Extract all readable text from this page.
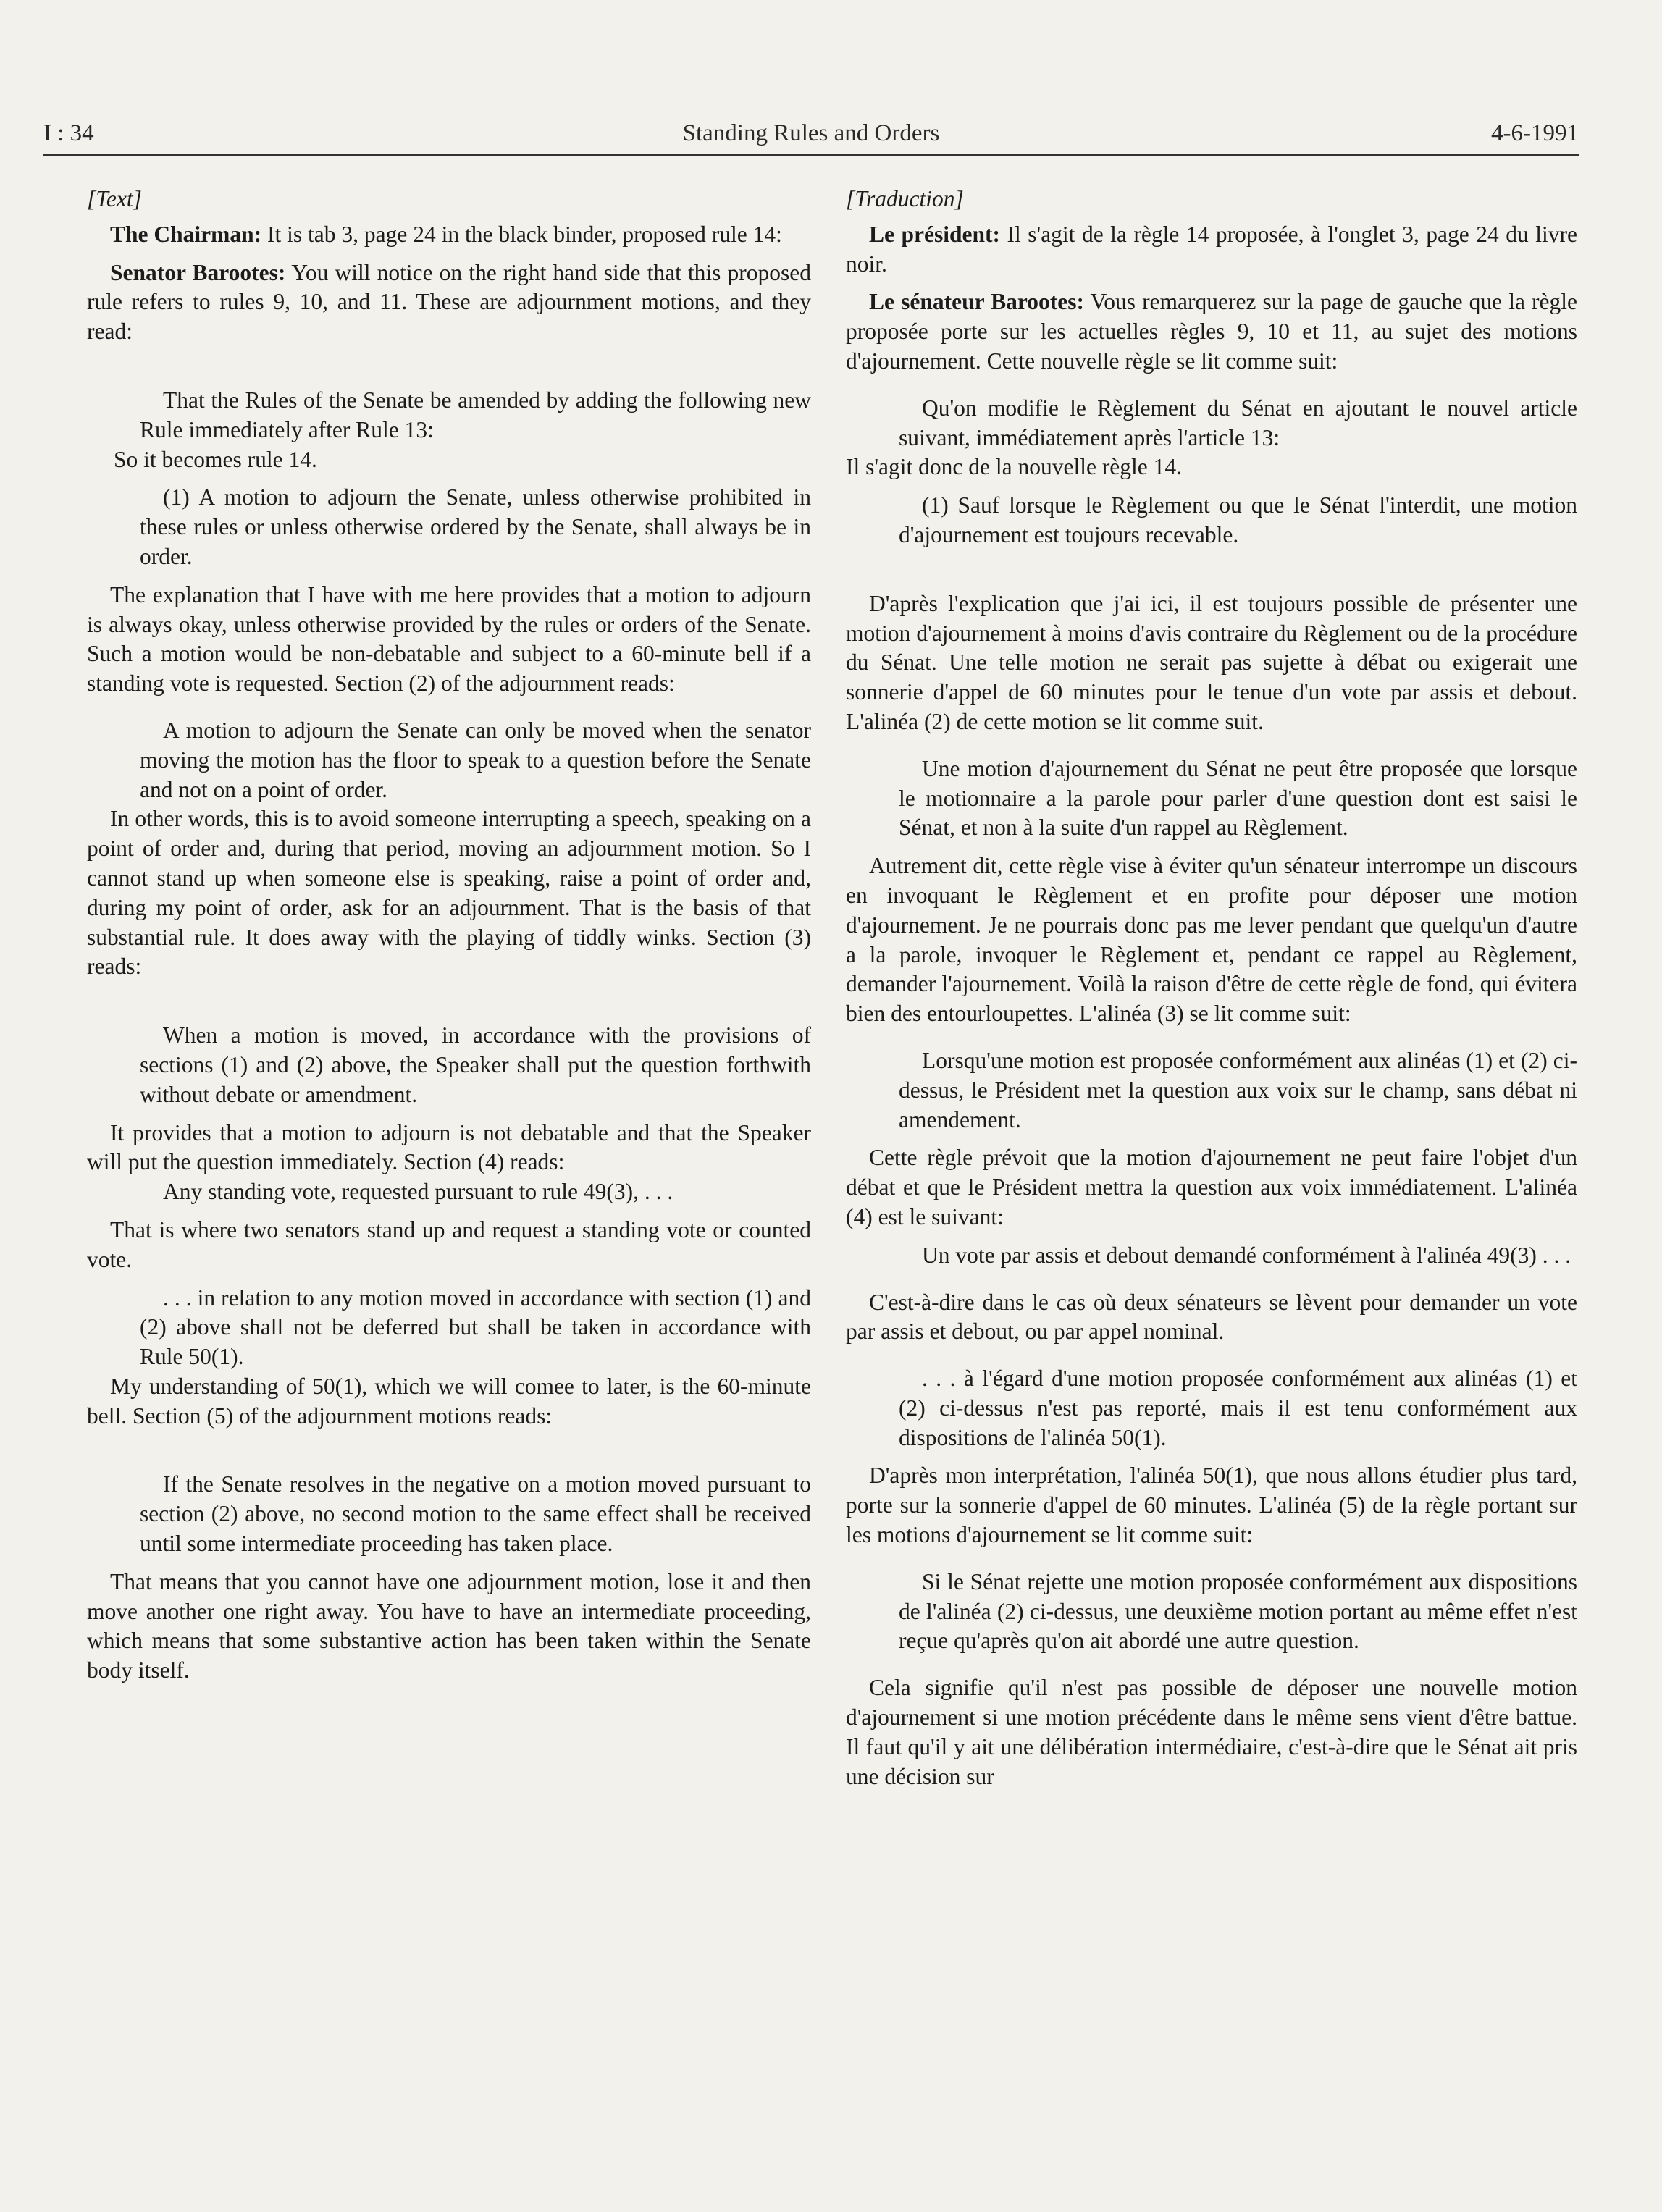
I : 34	Standing Rules and Orders	4-6-1991

[Text]

The Chairman: It is tab 3, page 24 in the black binder, proposed rule 14:

Senator Barootes: You will notice on the right hand side that this proposed rule refers to rules 9, 10, and 11. These are adjournment motions, and they read:

That the Rules of the Senate be amended by adding the following new Rule immediately after Rule 13:

So it becomes rule 14.

(1) A motion to adjourn the Senate, unless otherwise prohibited in these rules or unless otherwise ordered by the Senate, shall always be in order.

The explanation that I have with me here provides that a motion to adjourn is always okay, unless otherwise provided by the rules or orders of the Senate. Such a motion would be non-debatable and subject to a 60-minute bell if a standing vote is requested. Section (2) of the adjournment reads:

A motion to adjourn the Senate can only be moved when the senator moving the motion has the floor to speak to a question before the Senate and not on a point of order.

In other words, this is to avoid someone interrupting a speech, speaking on a point of order and, during that period, moving an adjournment motion. So I cannot stand up when someone else is speaking, raise a point of order and, during my point of order, ask for an adjournment. That is the basis of that substantial rule. It does away with the playing of tiddly winks. Section (3) reads:

When a motion is moved, in accordance with the provisions of sections (1) and (2) above, the Speaker shall put the question forthwith without debate or amendment.

It provides that a motion to adjourn is not debatable and that the Speaker will put the question immediately. Section (4) reads:

Any standing vote, requested pursuant to rule 49(3), . . .

That is where two senators stand up and request a standing vote or counted vote.

. . . in relation to any motion moved in accordance with section (1) and (2) above shall not be deferred but shall be taken in accordance with Rule 50(1).

My understanding of 50(1), which we will comee to later, is the 60-minute bell. Section (5) of the adjournment motions reads:

If the Senate resolves in the negative on a motion moved pursuant to section (2) above, no second motion to the same effect shall be received until some intermediate proceeding has taken place.

That means that you cannot have one adjournment motion, lose it and then move another one right away. You have to have an intermediate proceeding, which means that some substantive action has been taken within the Senate body itself.

[Traduction]

Le président: Il s'agit de la règle 14 proposée, à l'onglet 3, page 24 du livre noir.

Le sénateur Barootes: Vous remarquerez sur la page de gauche que la règle proposée porte sur les actuelles règles 9, 10 et 11, au sujet des motions d'ajournement. Cette nouvelle règle se lit comme suit:

Qu'on modifie le Règlement du Sénat en ajoutant le nouvel article suivant, immédiatement après l'article 13:

Il s'agit donc de la nouvelle règle 14.

(1) Sauf lorsque le Règlement ou que le Sénat l'interdit, une motion d'ajournement est toujours recevable.

D'après l'explication que j'ai ici, il est toujours possible de présenter une motion d'ajournement à moins d'avis contraire du Règlement ou de la procédure du Sénat. Une telle motion ne serait pas sujette à débat ou exigerait une sonnerie d'appel de 60 minutes pour le tenue d'un vote par assis et debout. L'alinéa (2) de cette motion se lit comme suit.

Une motion d'ajournement du Sénat ne peut être proposée que lorsque le motionnaire a la parole pour parler d'une question dont est saisi le Sénat, et non à la suite d'un rappel au Règlement.

Autrement dit, cette règle vise à éviter qu'un sénateur interrompe un discours en invoquant le Règlement et en profite pour déposer une motion d'ajournement. Je ne pourrais donc pas me lever pendant que quelqu'un d'autre a la parole, invoquer le Règlement et, pendant ce rappel au Règlement, demander l'ajournement. Voilà la raison d'être de cette règle de fond, qui évitera bien des entourloupettes. L'alinéa (3) se lit comme suit:

Lorsqu'une motion est proposée conformément aux alinéas (1) et (2) ci-dessus, le Président met la question aux voix sur le champ, sans débat ni amendement.

Cette règle prévoit que la motion d'ajournement ne peut faire l'objet d'un débat et que le Président mettra la question aux voix immédiatement. L'alinéa (4) est le suivant:

Un vote par assis et debout demandé conformément à l'alinéa 49(3) . . .

C'est-à-dire dans le cas où deux sénateurs se lèvent pour demander un vote par assis et debout, ou par appel nominal.

. . . à l'égard d'une motion proposée conformément aux alinéas (1) et (2) ci-dessus n'est pas reporté, mais il est tenu conformément aux dispositions de l'alinéa 50(1).

D'après mon interprétation, l'alinéa 50(1), que nous allons étudier plus tard, porte sur la sonnerie d'appel de 60 minutes. L'alinéa (5) de la règle portant sur les motions d'ajournement se lit comme suit:

Si le Sénat rejette une motion proposée conformément aux dispositions de l'alinéa (2) ci-dessus, une deuxième motion portant au même effet n'est reçue qu'après qu'on ait abordé une autre question.

Cela signifie qu'il n'est pas possible de déposer une nouvelle motion d'ajournement si une motion précédente dans le même sens vient d'être battue. Il faut qu'il y ait une délibération intermédiaire, c'est-à-dire que le Sénat ait pris une décision sur
